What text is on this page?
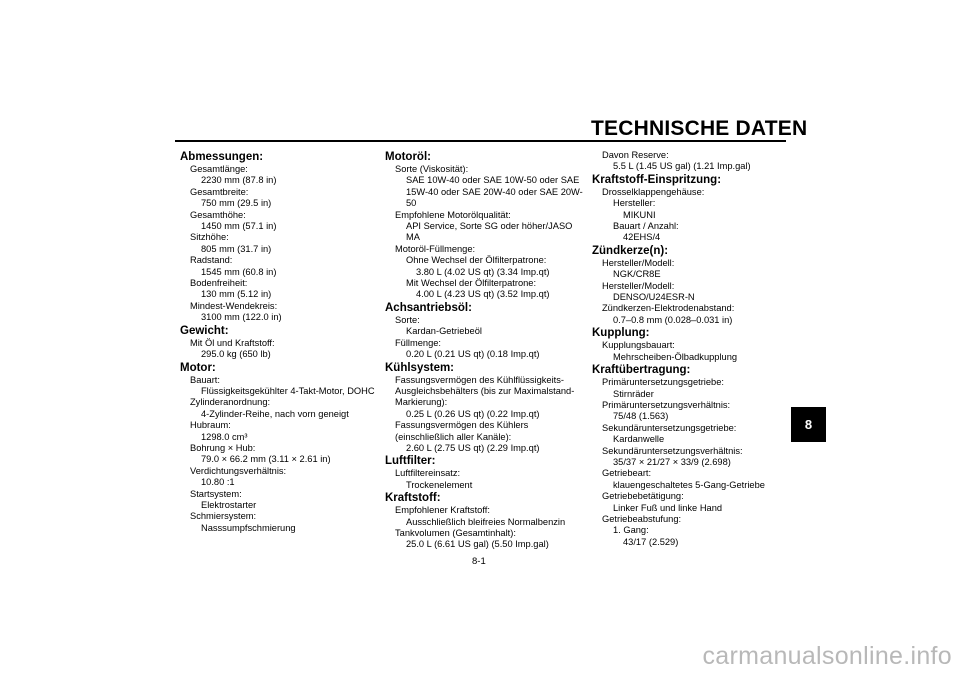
TECHNISCHE DATEN
Abmessungen:
Gesamtlänge:
2230 mm (87.8 in)
Gesamtbreite:
750 mm (29.5 in)
Gesamthöhe:
1450 mm (57.1 in)
Sitzhöhe:
805 mm (31.7 in)
Radstand:
1545 mm (60.8 in)
Bodenfreiheit:
130 mm (5.12 in)
Mindest-Wendekreis:
3100 mm (122.0 in)
Gewicht:
Mit Öl und Kraftstoff:
295.0 kg (650 lb)
Motor:
Bauart:
Flüssigkeitsgekühlter 4-Takt-Motor, DOHC
Zylinderanordnung:
4-Zylinder-Reihe, nach vorn geneigt
Hubraum:
1298.0 cm³
Bohrung × Hub:
79.0 × 66.2 mm (3.11 × 2.61 in)
Verdichtungsverhältnis:
10.80 :1
Startsystem:
Elektrostarter
Schmiersystem:
Nasssumpfschmierung
Motoröl:
Sorte (Viskosität):
SAE 10W-40 oder SAE 10W-50 oder SAE
15W-40 oder SAE 20W-40 oder SAE 20W-
50
Empfohlene Motorölqualität:
API Service, Sorte SG oder höher/JASO
MA
Motoröl-Füllmenge:
Ohne Wechsel der Ölfilterpatrone:
3.80 L (4.02 US qt) (3.34 Imp.qt)
Mit Wechsel der Ölfilterpatrone:
4.00 L (4.23 US qt) (3.52 Imp.qt)
Achsantriebsöl:
Sorte:
Kardan-Getriebeöl
Füllmenge:
0.20 L (0.21 US qt) (0.18 Imp.qt)
Kühlsystem:
Fassungsvermögen des Kühlflüssigkeits-
Ausgleichsbehälters (bis zur Maximalstand-
Markierung):
0.25 L (0.26 US qt) (0.22 Imp.qt)
Fassungsvermögen des Kühlers
(einschließlich aller Kanäle):
2.60 L (2.75 US qt) (2.29 Imp.qt)
Luftfilter:
Luftfiltereinsatz:
Trockenelement
Kraftstoff:
Empfohlener Kraftstoff:
Ausschließlich bleifreies Normalbenzin
Tankvolumen (Gesamtinhalt):
25.0 L (6.61 US gal) (5.50 Imp.gal)
Davon Reserve:
5.5 L (1.45 US gal) (1.21 Imp.gal)
Kraftstoff-Einspritzung:
Drosselklappengehäuse:
Hersteller:
MIKUNI
Bauart / Anzahl:
42EHS/4
Zündkerze(n):
Hersteller/Modell:
NGK/CR8E
Hersteller/Modell:
DENSO/U24ESR-N
Zündkerzen-Elektrodenabstand:
0.7–0.8 mm (0.028–0.031 in)
Kupplung:
Kupplungsbauart:
Mehrscheiben-Ölbadkupplung
Kraftübertragung:
Primäruntersetzungsgetriebe:
Stirnräder
Primäruntersetzungsverhältnis:
75/48 (1.563)
Sekundäruntersetzungsgetriebe:
Kardanwelle
Sekundäruntersetzungsverhältnis:
35/37 × 21/27 × 33/9 (2.698)
Getriebeart:
klauengeschaltetes 5-Gang-Getriebe
Getriebebetätigung:
Linker Fuß und linke Hand
Getriebeabstufung:
1. Gang:
43/17 (2.529)
8
8-1
carmanualsonline.info
